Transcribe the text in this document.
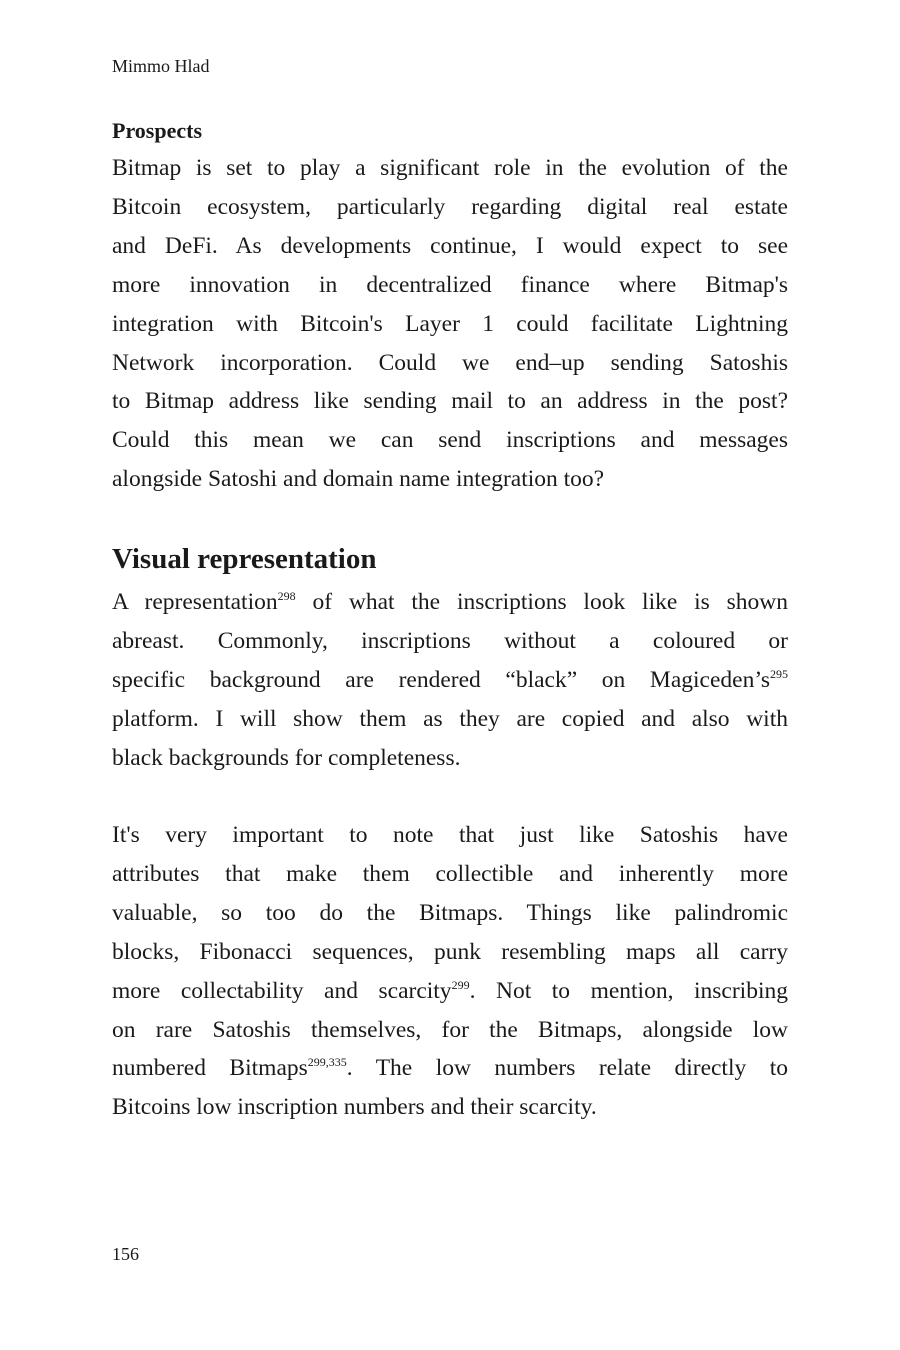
Mimmo Hlad
Prospects

Bitmap is set to play a significant role in the evolution of the
Bitcoin ecosystem, particularly regarding digital real estate
and DeFi. As developments continue, I would expect to see
more innovation in decentralized finance where Bitmap's
integration with Bitcoin's Layer 1 could facilitate Lightning
Network incorporation. Could we end–up sending Satoshis
to Bitmap address like sending mail to an address in the post?
Could this mean we can send inscriptions and messages
alongside Satoshi and domain name integration too?

Visual representation

A representation$^{298}$ of what the inscriptions look like is shown
abreast. Commonly, inscriptions without a coloured or
specific background are rendered “black” on Magiceden’s$^{295}$
platform. I will show them as they are copied and also with
black backgrounds for completeness.

It's very important to note that just like Satoshis have
attributes that make them collectible and inherently more
valuable, so too do the Bitmaps. Things like palindromic
blocks, Fibonacci sequences, punk resembling maps all carry
more collectability and scarcity$^{299}$. Not to mention, inscribing
on rare Satoshis themselves, for the Bitmaps, alongside low
numbered Bitmaps$^{299,335}$. The low numbers relate directly to
Bitcoins low inscription numbers and their scarcity.

156
